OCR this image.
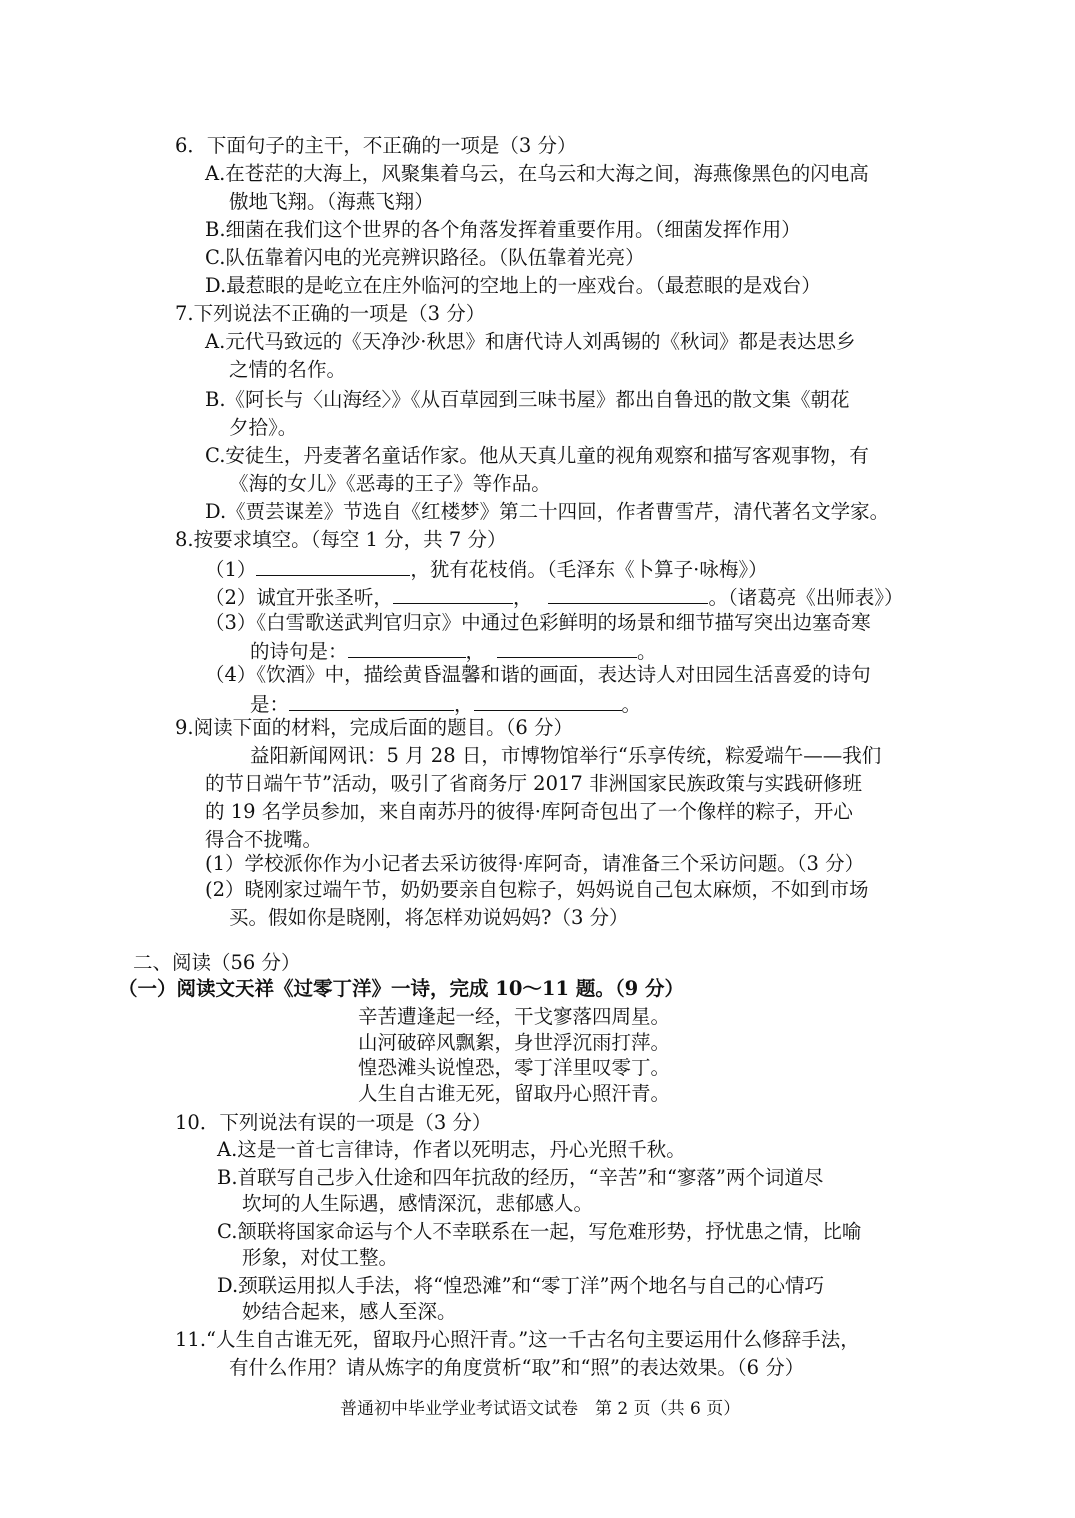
6．下面句子的主干，不正确的一项是（3 分）
A.在苍茫的大海上，风聚集着乌云，在乌云和大海之间，海燕像黑色的闪电高
傲地飞翔。（海燕飞翔）
B.细菌在我们这个世界的各个角落发挥着重要作用。（细菌发挥作用）
C.队伍靠着闪电的光亮辨识路径。（队伍靠着光亮）
D.最惹眼的是屹立在庄外临河的空地上的一座戏台。（最惹眼的是戏台）
7.下列说法不正确的一项是（3 分）
A.元代马致远的《天净沙·秋思》和唐代诗人刘禹锡的《秋词》都是表达思乡
之情的名作。
B.《阿长与〈山海经〉》《从百草园到三味书屋》都出自鲁迅的散文集《朝花
夕拾》。
C.安徒生，丹麦著名童话作家。他从天真儿童的视角观察和描写客观事物，有
《海的女儿》《恶毒的王子》等作品。
D.《贾芸谋差》节选自《红楼梦》第二十四回，作者曹雪芹，清代著名文学家。
8.按要求填空。（每空 1 分，共 7 分）
（1）	，犹有花枝俏。（毛泽东《卜算子·咏梅》）
（2）诚宜开张圣听，	，	。（诸葛亮《出师表》）
（3）《白雪歌送武判官归京》中通过色彩鲜明的场景和细节描写突出边塞奇寒
的诗句是：	，	。
（4）《饮酒》中，描绘黄昏温馨和谐的画面，表达诗人对田园生活喜爱的诗句
是：	，	。
9.阅读下面的材料，完成后面的题目。（6 分）
益阳新闻网讯：5 月 28 日，市博物馆举行“乐享传统，粽爱端午——我们
的节日端午节”活动，吸引了省商务厅 2017 非洲国家民族政策与实践研修班
的 19 名学员参加，来自南苏丹的彼得·库阿奇包出了一个像样的粽子，开心
得合不拢嘴。
(1）学校派你作为小记者去采访彼得·库阿奇，请准备三个采访问题。（3 分）
(2）晓刚家过端午节，奶奶要亲自包粽子，妈妈说自己包太麻烦，不如到市场
买。假如你是晓刚，将怎样劝说妈妈?（3 分）
二、阅读（56 分）
（一）阅读文天祥《过零丁洋》一诗，完成 10～11 题。（9 分）
辛苦遭逢起一经，干戈寥落四周星。
山河破碎风飘絮，身世浮沉雨打萍。
惶恐滩头说惶恐，零丁洋里叹零丁。
人生自古谁无死，留取丹心照汗青。
10．下列说法有误的一项是（3 分）
A.这是一首七言律诗，作者以死明志，丹心光照千秋。
B.首联写自己步入仕途和四年抗敌的经历，“辛苦”和“寥落”两个词道尽
坎坷的人生际遇，感情深沉，悲郁感人。
C.颔联将国家命运与个人不幸联系在一起，写危难形势，抒忧患之情，比喻
形象，对仗工整。
D.颈联运用拟人手法，将“惶恐滩”和“零丁洋”两个地名与自己的心情巧
妙结合起来，感人至深。
11.“人生自古谁无死，留取丹心照汗青。”这一千古名句主要运用什么修辞手法，
有什么作用？请从炼字的角度赏析“取”和“照”的表达效果。（6 分）
普通初中毕业学业考试语文试卷　第 2 页（共 6 页）
